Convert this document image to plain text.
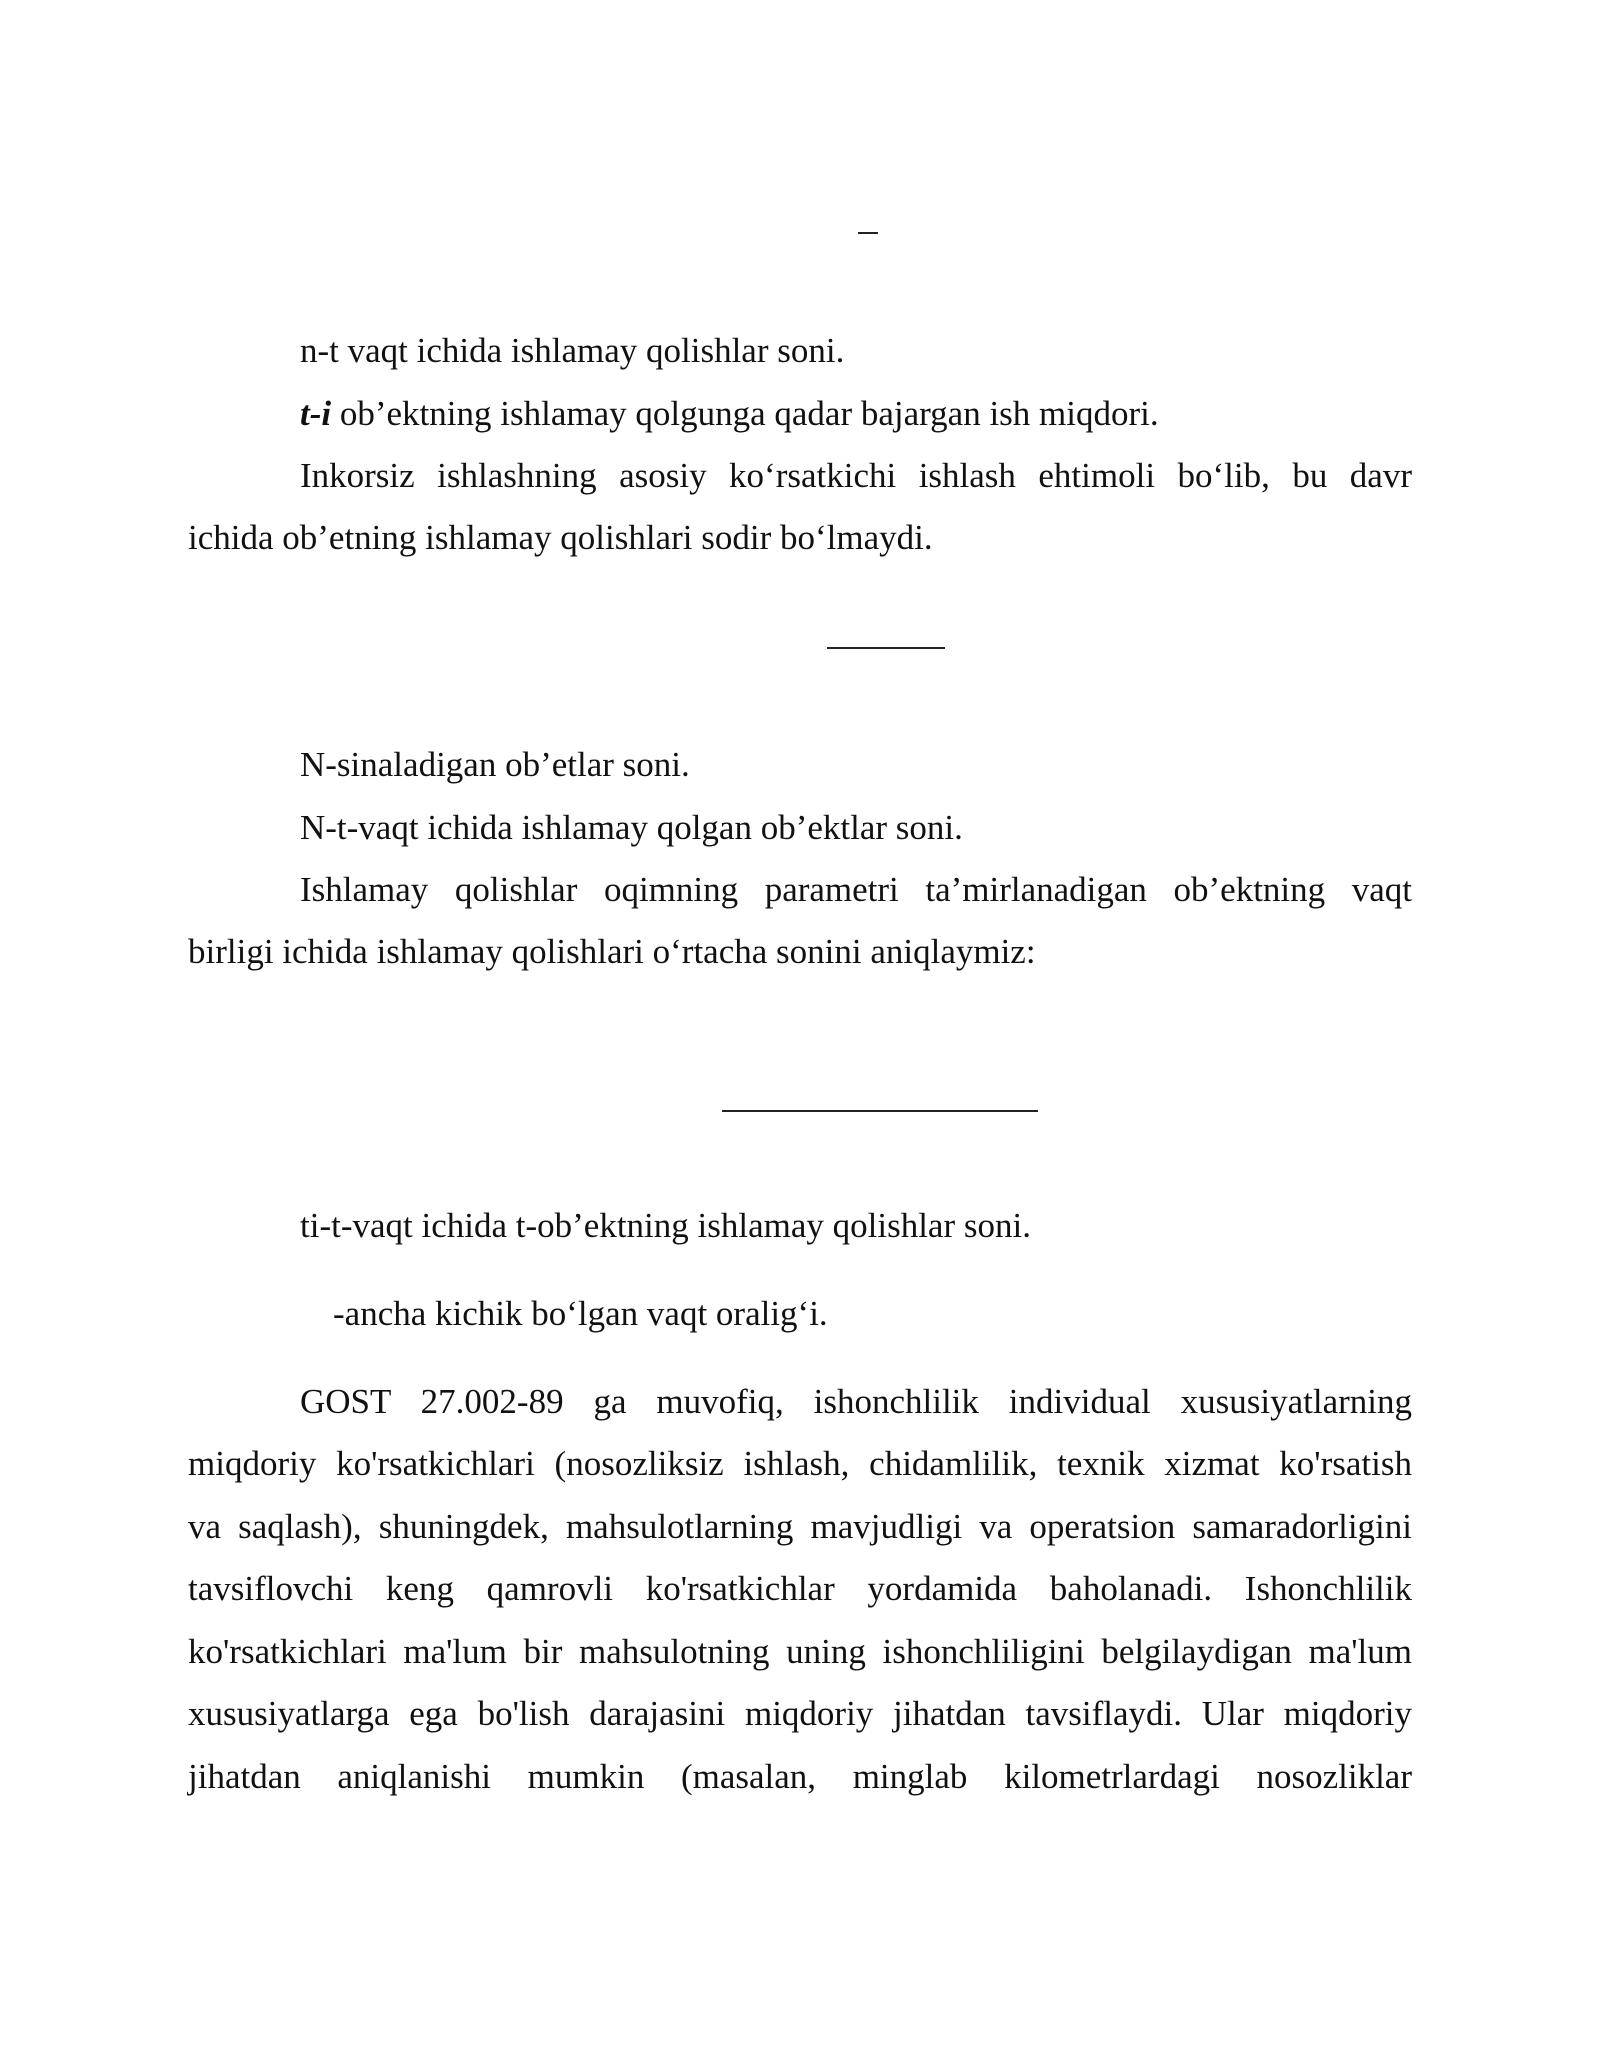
n-t vaqt ichida ishlamay qolishlar soni.
t-i ob’ektning ishlamay qolgunga qadar bajargan ish miqdori.
Inkorsiz ishlashning asosiy ko‘rsatkichi ishlash ehtimoli bo‘lib, bu davr
ichida ob’etning ishlamay qolishlari sodir bo‘lmaydi.
N-sinaladigan ob’etlar soni.
N-t-vaqt ichida ishlamay qolgan ob’ektlar soni.
Ishlamay qolishlar oqimning parametri ta’mirlanadigan ob’ektning vaqt
birligi ichida ishlamay qolishlari o‘rtacha sonini aniqlaymiz:
ti-t-vaqt ichida t-ob’ektning ishlamay qolishlar soni.
-ancha kichik bo‘lgan vaqt oralig‘i.
GOST 27.002-89 ga muvofiq, ishonchlilik individual xususiyatlarning
miqdoriy ko'rsatkichlari (nosozliksiz ishlash, chidamlilik, texnik xizmat ko'rsatish
va saqlash), shuningdek, mahsulotlarning mavjudligi va operatsion samaradorligini
tavsiflovchi keng qamrovli ko'rsatkichlar yordamida baholanadi. Ishonchlilik
ko'rsatkichlari ma'lum bir mahsulotning uning ishonchliligini belgilaydigan ma'lum
xususiyatlarga ega bo'lish darajasini miqdoriy jihatdan tavsiflaydi. Ular miqdoriy
jihatdan aniqlanishi mumkin (masalan, minglab kilometrlardagi nosozliklar
